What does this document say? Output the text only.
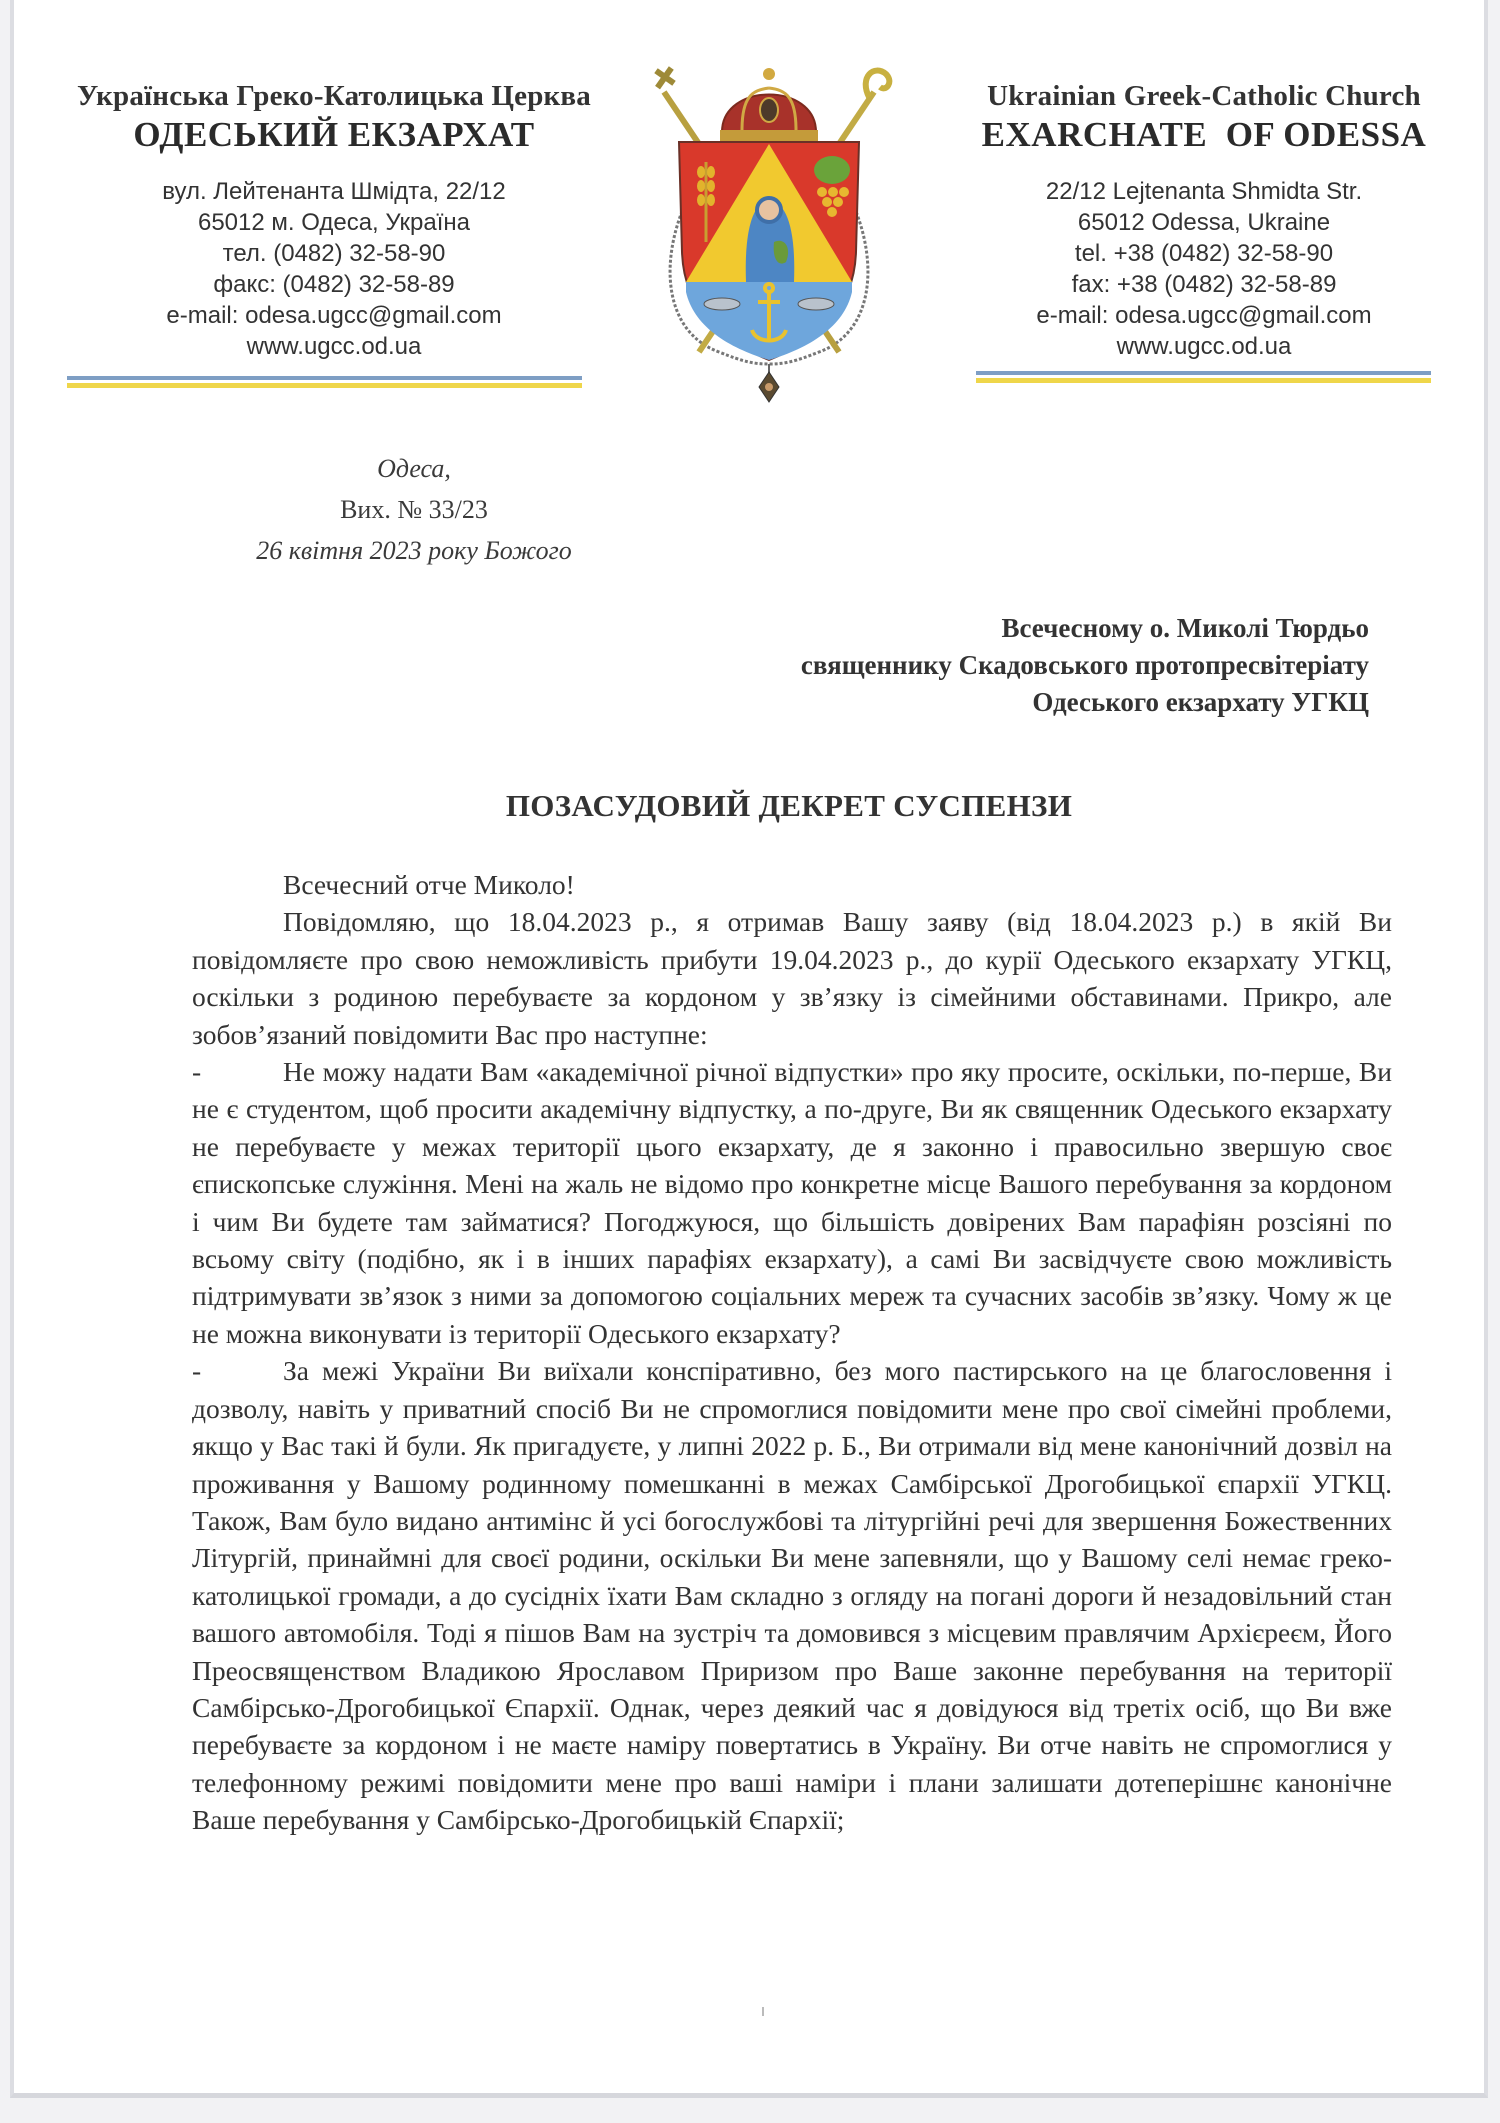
Українська Греко-Католицька Церква
ОДЕСЬКИЙ ЕКЗАРХАТ
вул. Лейтенанта Шмідта, 22/12
65012 м. Одеса, Україна
тел. (0482) 32-58-90
факс: (0482) 32-58-89
e-mail: odesa.ugcc@gmail.com
www.ugcc.od.ua
Ukrainian Greek-Catholic Church
EXARCHATE  OF ODESSA
22/12 Lejtenanta Shmidta Str.
65012 Odessa, Ukraine
tel. +38 (0482) 32-58-90
fax: +38 (0482) 32-58-89
e-mail: odesa.ugcc@gmail.com
www.ugcc.od.ua
Одеса,
Вих. № 33/23
26 квітня 2023 року Божого
Всечесному о. Миколі Тюрдьо
священнику Скадовського протопресвітеріату
Одеського екзархату УГКЦ
ПОЗАСУДОВИЙ ДЕКРЕТ СУСПЕНЗИ

Всечесний отче Миколо!

Повідомляю, що 18.04.2023 р., я отримав Вашу заяву (від 18.04.2023 р.) в якій Ви повідомляєте про свою неможливість прибути 19.04.2023 р., до курії Одеського екзархату УГКЦ, оскільки з родиною перебуваєте за кордоном у зв’язку із сімейними обставинами. Прикро, але зобов’язаний повідомити Вас про наступне:

-	Не можу надати Вам «академічної річної відпустки» про яку просите, оскільки, по-перше, Ви не є студентом, щоб просити академічну відпустку, а по-друге, Ви як священник Одеського екзархату не перебуваєте у межах території цього екзархату, де я законно і правосильно звершую своє єпископське служіння. Мені на жаль не відомо про конкретне місце Вашого перебування за кордоном і чим Ви будете там займатися? Погоджуюся, що більшість довірених Вам парафіян розсіяні по всьому світу (подібно, як і в інших парафіях екзархату), а самі Ви засвідчуєте свою можливість підтримувати зв’язок з ними за допомогою соціальних мереж та сучасних засобів зв’язку. Чому ж це не можна виконувати із території Одеського екзархату?

-	За межі України Ви виїхали конспіративно, без мого пастирського на це благословення і дозволу, навіть у приватний спосіб Ви не спромоглися повідомити мене про свої сімейні проблеми, якщо у Вас такі й були. Як пригадуєте, у липні 2022 р. Б., Ви отримали від мене канонічний дозвіл на проживання у Вашому родинному помешканні в межах Самбірської Дрогобицької єпархії УГКЦ. Також, Вам було видано антимінс й усі богослужбові та літургійні речі для звершення Божественних Літургій, принаймні для своєї родини, оскільки Ви мене запевняли, що у Вашому селі немає греко-католицької громади, а до сусідніх їхати Вам складно з огляду на погані дороги й незадовільний стан вашого автомобіля. Тоді я пішов Вам на зустріч та домовився з місцевим правлячим Архієреєм, Його Преосвященством Владикою Ярославом Приризом про Ваше законне перебування на території Самбірсько-Дрогобицької Єпархії. Однак, через деякий час я довідуюся від третіх осіб, що Ви вже перебуваєте за кордоном і не маєте наміру повертатись в Україну. Ви отче навіть не спромоглися у телефонному режимі повідомити мене про ваші наміри і плани залишати дотеперішнє канонічне Ваше перебування у Самбірсько-Дрогобицькій Єпархії;
